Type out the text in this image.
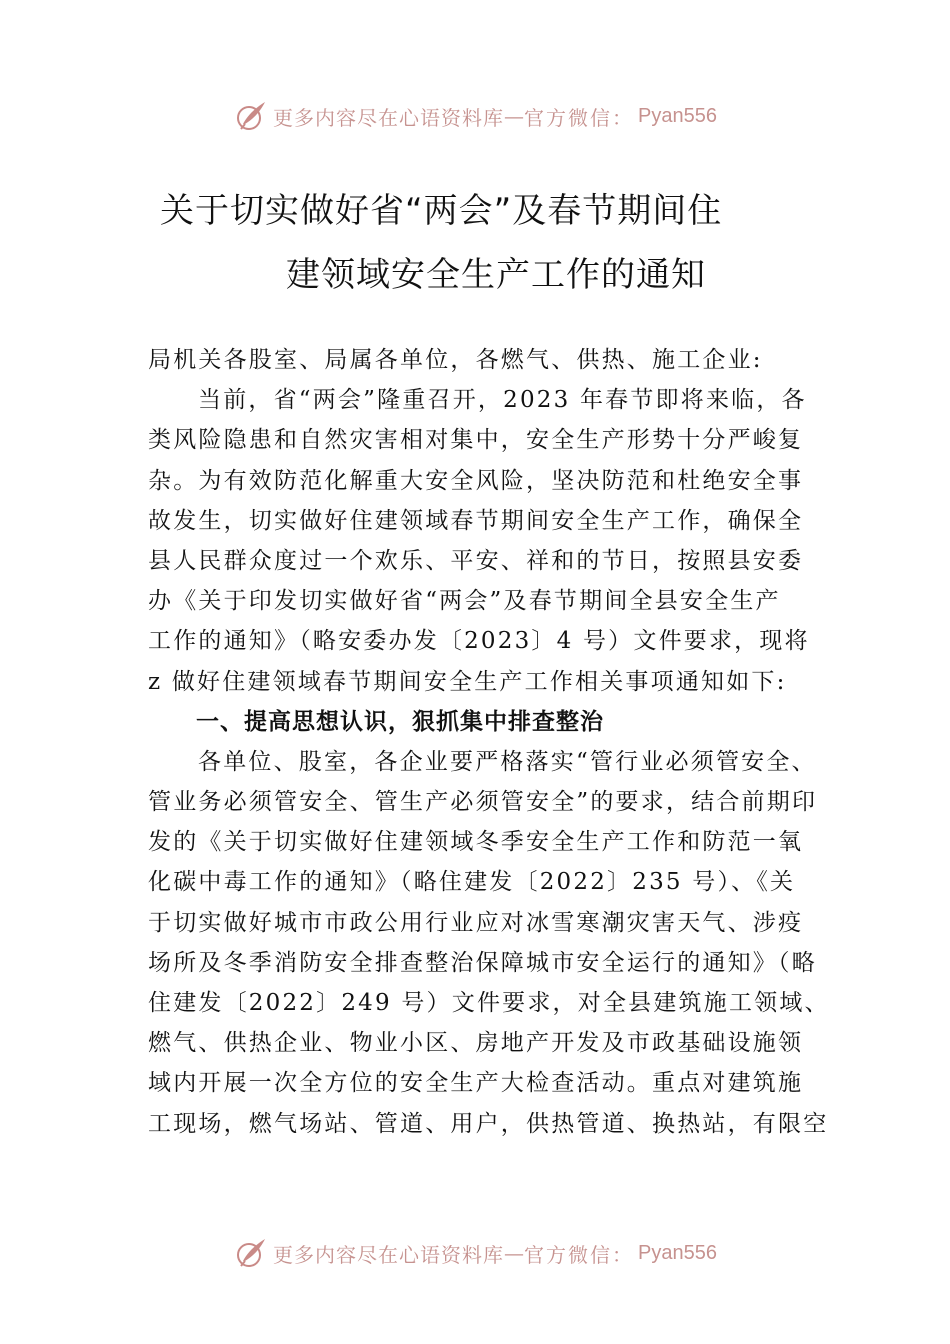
更多内容尽在心语资料库 — 官方微信： Pyan556
关于切实做好省“两会”及春节期间住
建领域安全生产工作的通知
局机关各股室、局属各单位，各燃气、供热、施工企业:
当前，省“两会”隆重召开，2023 年春节即将来临，各
类风险隐患和自然灾害相对集中，安全生产形势十分严峻复
杂。为有效防范化解重大安全风险，坚决防范和杜绝安全事
故发生，切实做好住建领域春节期间安全生产工作，确保全
县人民群众度过一个欢乐、平安、祥和的节日，按照县安委
办《关于印发切实做好省“两会”及春节期间全县安全生产
工作的通知》（略安委办发〔2023〕4 号）文件要求，现将
z 做好住建领域春节期间安全生产工作相关事项通知如下:
一、提高思想认识，狠抓集中排查整治
各单位、股室，各企业要严格落实“管行业必须管安全、
管业务必须管安全、管生产必须管安全”的要求，结合前期印
发的《关于切实做好住建领域冬季安全生产工作和防范一氧
化碳中毒工作的通知》（略住建发〔2022〕235 号）、《关
于切实做好城市市政公用行业应对冰雪寒潮灾害天气、涉疫
场所及冬季消防安全排查整治保障城市安全运行的通知》（略
住建发〔2022〕249 号）文件要求，对全县建筑施工领域、
燃气、供热企业、物业小区、房地产开发及市政基础设施领
域内开展一次全方位的安全生产大检查活动。重点对建筑施
工现场，燃气场站、管道、用户，供热管道、换热站，有限空
更多内容尽在心语资料库 — 官方微信： Pyan556
